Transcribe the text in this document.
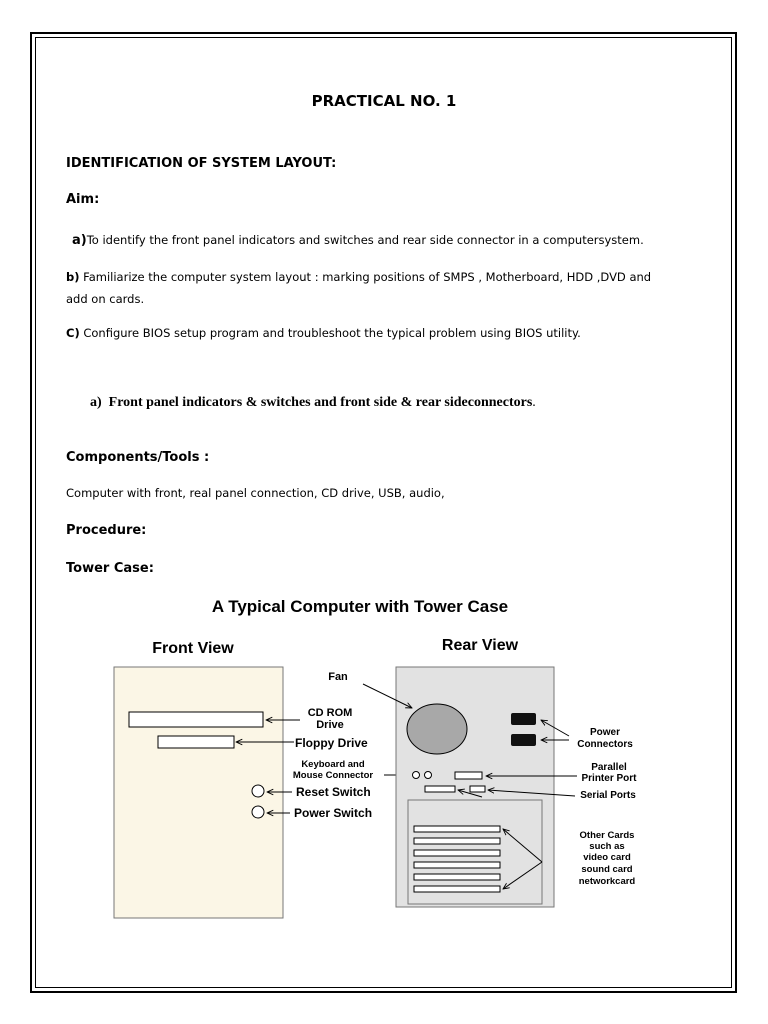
PRACTICAL NO. 1
IDENTIFICATION OF SYSTEM LAYOUT:
Aim:
a)To identify the front panel indicators and switches and rear side connector in a computersystem.
b) Familiarize the computer system layout : marking positions of SMPS , Motherboard, HDD ,DVD and
add on cards.
C) Configure BIOS setup program and troubleshoot the typical problem using BIOS utility.
a) Front panel indicators & switches and front side & rear sideconnectors.
Components/Tools :
Computer with front, real panel connection, CD drive, USB, audio,
Procedure:
Tower Case:
A Typical Computer with Tower Case
Front View	Rear View
CD ROM
Drive
Floppy Drive
Keyboard and
Mouse Connector
Reset Switch
Power Switch
Fan
Power
Connectors
Parallel
Printer Port
Serial Ports
Other Cards
such as
video card
sound card
networkcard
